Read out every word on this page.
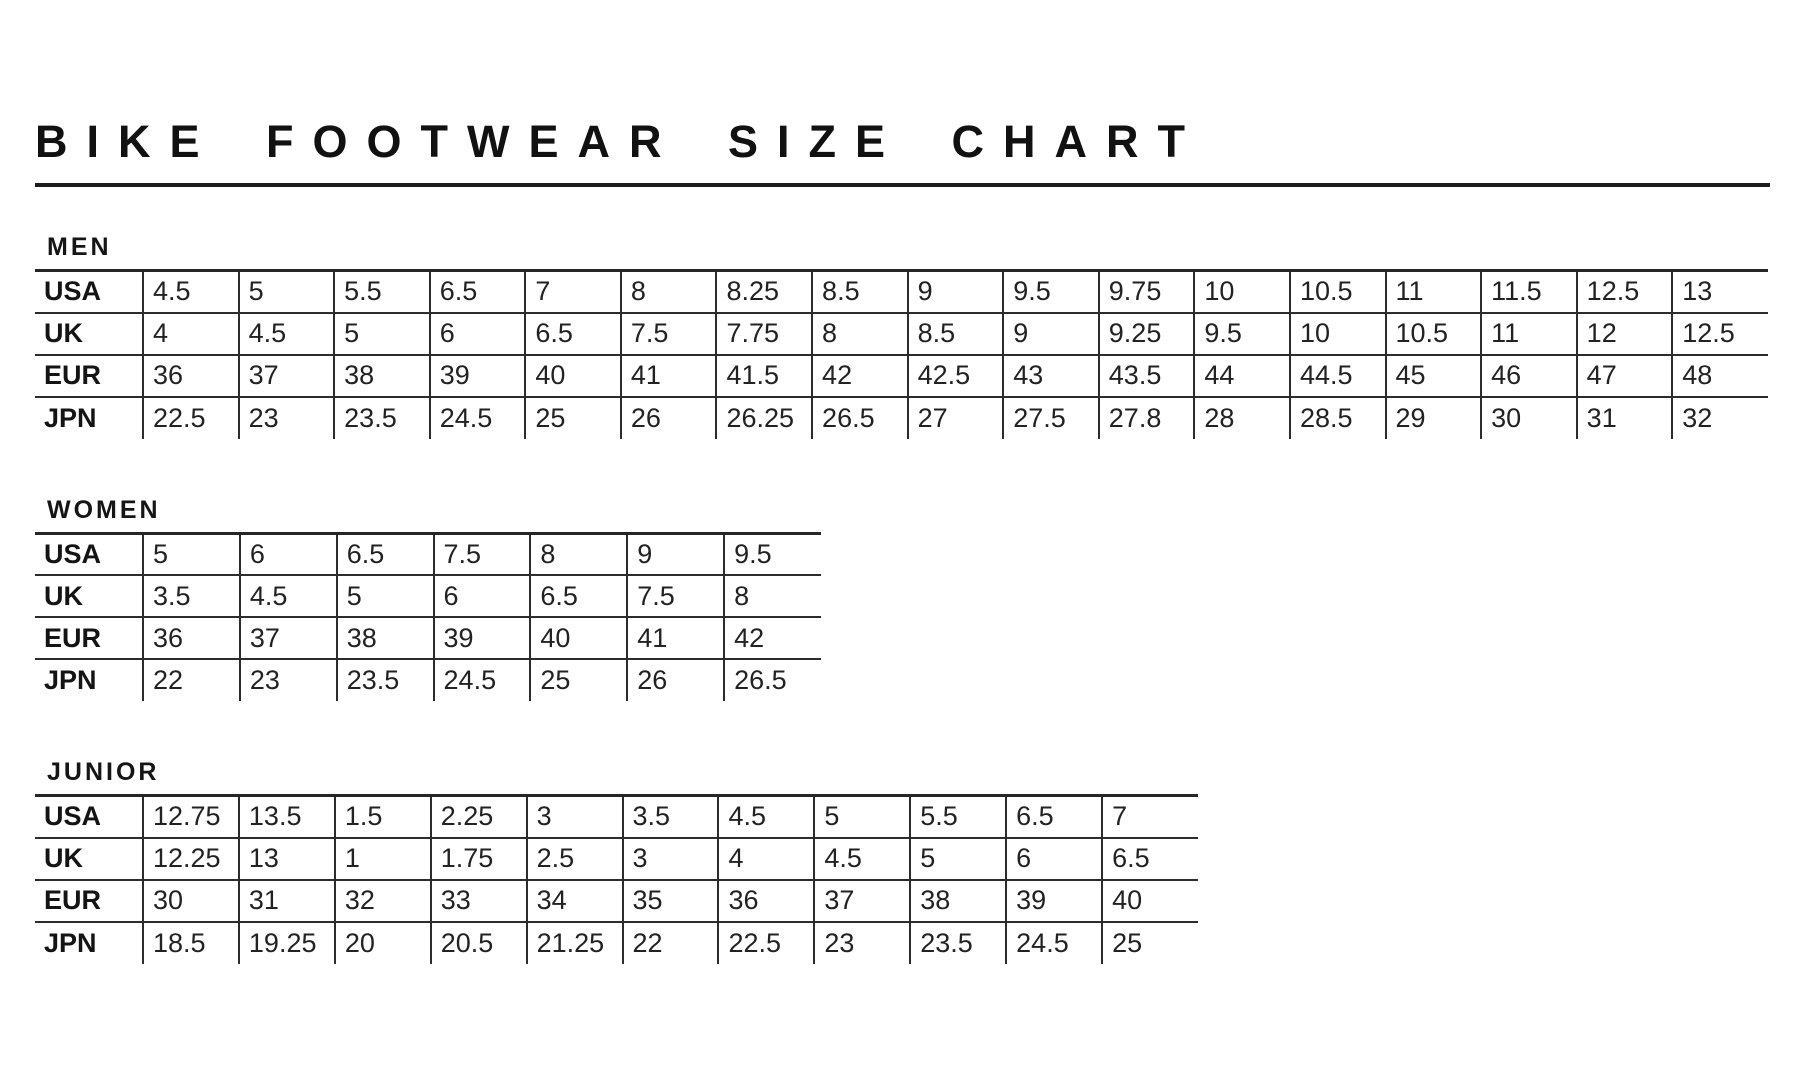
BIKE FOOTWEAR SIZE CHART
MEN
USA	4.5	5	5.5	6.5	7	8	8.25	8.5	9	9.5	9.75	10	10.5	11	11.5	12.5	13
UK	4	4.5	5	6	6.5	7.5	7.75	8	8.5	9	9.25	9.5	10	10.5	11	12	12.5
EUR	36	37	38	39	40	41	41.5	42	42.5	43	43.5	44	44.5	45	46	47	48
JPN	22.5	23	23.5	24.5	25	26	26.25	26.5	27	27.5	27.8	28	28.5	29	30	31	32
WOMEN
USA	5	6	6.5	7.5	8	9	9.5
UK	3.5	4.5	5	6	6.5	7.5	8
EUR	36	37	38	39	40	41	42
JPN	22	23	23.5	24.5	25	26	26.5
JUNIOR
USA	12.75	13.5	1.5	2.25	3	3.5	4.5	5	5.5	6.5	7
UK	12.25	13	1	1.75	2.5	3	4	4.5	5	6	6.5
EUR	30	31	32	33	34	35	36	37	38	39	40
JPN	18.5	19.25	20	20.5	21.25	22	22.5	23	23.5	24.5	25
